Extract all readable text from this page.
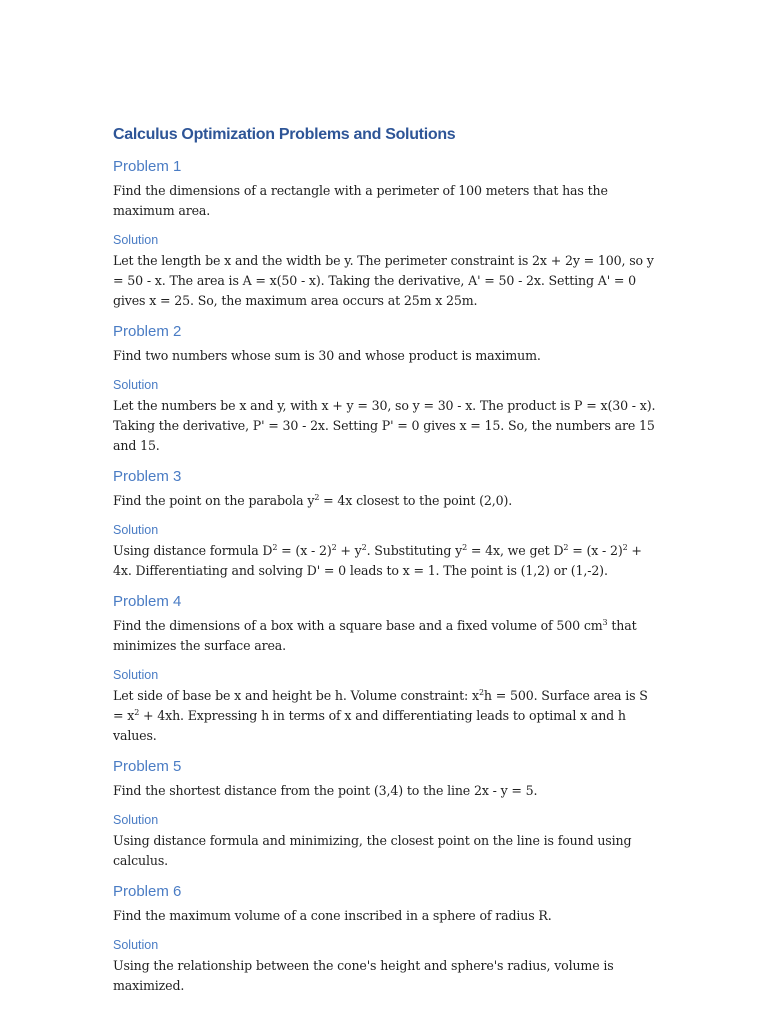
Calculus Optimization Problems and Solutions
Problem 1

Find the dimensions of a rectangle with a perimeter of 100 meters that has the maximum area.

Solution

Let the length be x and the width be y. The perimeter constraint is 2x + 2y = 100, so y = 50 - x. The area is A = x(50 - x). Taking the derivative, A' = 50 - 2x. Setting A' = 0 gives x = 25. So, the maximum area occurs at 25m x 25m.

Problem 2

Find two numbers whose sum is 30 and whose product is maximum.

Solution

Let the numbers be x and y, with x + y = 30, so y = 30 - x. The product is P = x(30 - x). Taking the derivative, P' = 30 - 2x. Setting P' = 0 gives x = 15. So, the numbers are 15 and 15.

Problem 3

Find the point on the parabola $y^2 = 4x$ closest to the point (2,0).

Solution

Using distance formula $D^2 = (x - 2)^2 + y^2$. Substituting $y^2 = 4x$, we get $D^2 = (x - 2)^2 + 4x$. Differentiating and solving D' = 0 leads to x = 1. The point is (1,2) or (1,-2).

Problem 4

Find the dimensions of a box with a square base and a fixed volume of 500 $cm^3$ that minimizes the surface area.

Solution

Let side of base be x and height be h. Volume constraint: $x^2h = 500$. Surface area is $S = x^2 + 4xh$. Expressing h in terms of x and differentiating leads to optimal x and h values.

Problem 5

Find the shortest distance from the point (3,4) to the line 2x - y = 5.

Solution

Using distance formula and minimizing, the closest point on the line is found using calculus.

Problem 6

Find the maximum volume of a cone inscribed in a sphere of radius R.

Solution

Using the relationship between the cone's height and sphere's radius, volume is maximized.
